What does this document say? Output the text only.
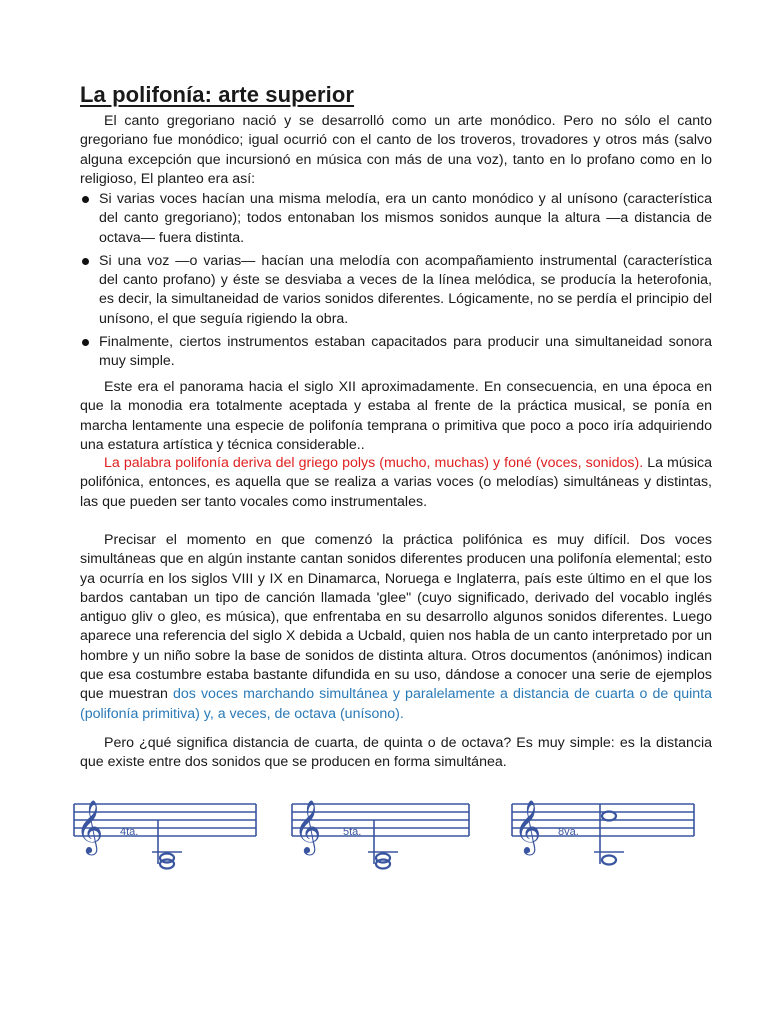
La polifonía: arte superior

El canto gregoriano nació y se desarrolló como un arte monódico. Pero no sólo el canto gregoriano fue monódico; igual ocurrió con el canto de los troveros, trovadores y otros más (salvo alguna excepción que incursionó en música con más de una voz), tanto en lo profano como en lo religioso, El planteo era así:

Si varias voces hacían una misma melodía, era un canto monódico y al unísono (característica del canto gregoriano); todos entonaban los mismos sonidos aunque la altura —a distancia de octava— fuera distinta.
Si una voz —o varias— hacían una melodía con acompañamiento instrumental (característica del canto profano) y éste se desviaba a veces de la línea melódica, se producía la heterofonia, es decir, la simultaneidad de varios sonidos diferentes. Lógicamente, no se perdía el principio del unísono, el que seguía rigiendo la obra.
Finalmente, ciertos instrumentos estaban capacitados para producir una simultaneidad sonora muy simple.

Este era el panorama hacia el siglo XII aproximadamente. En consecuencia, en una época en que la monodia era totalmente aceptada y estaba al frente de la práctica musical, se ponía en marcha lentamente una especie de polifonía temprana o primitiva que poco a poco iría adquiriendo una estatura artística y técnica considerable..

La palabra polifonía deriva del griego polys (mucho, muchas) y foné (voces, sonidos). La música polifónica, entonces, es aquella que se realiza a varias voces (o melodías) simultáneas y distintas, las que pueden ser tanto vocales como instrumentales.

Precisar el momento en que comenzó la práctica polifónica es muy difícil. Dos voces simultáneas que en algún instante cantan sonidos diferentes producen una polifonía elemental; esto ya ocurría en los siglos VIII y IX en Dinamarca, Noruega e Inglaterra, país este último en el que los bardos cantaban un tipo de canción llamada 'glee" (cuyo significado, derivado del vocablo inglés antiguo gliv o gleo, es música), que enfrentaba en su desarrollo algunos sonidos diferentes. Luego aparece una referencia del siglo X debida a Ucbald, quien nos habla de un canto interpretado por un hombre y un niño sobre la base de sonidos de distinta altura. Otros documentos (anónimos) indican que esa costumbre estaba bastante difundida en su uso, dándose a conocer una serie de ejemplos que muestran dos voces marchando simultánea y paralelamente a distancia de cuarta o de quinta (polifonía primitiva) y, a veces, de octava (unísono).

Pero ¿qué significa distancia de cuarta, de quinta o de octava? Es muy simple: es la distancia que existe entre dos sonidos que se producen en forma simultánea.

𝄞 4ta.	𝄞 5ta.	𝄞 8va.
